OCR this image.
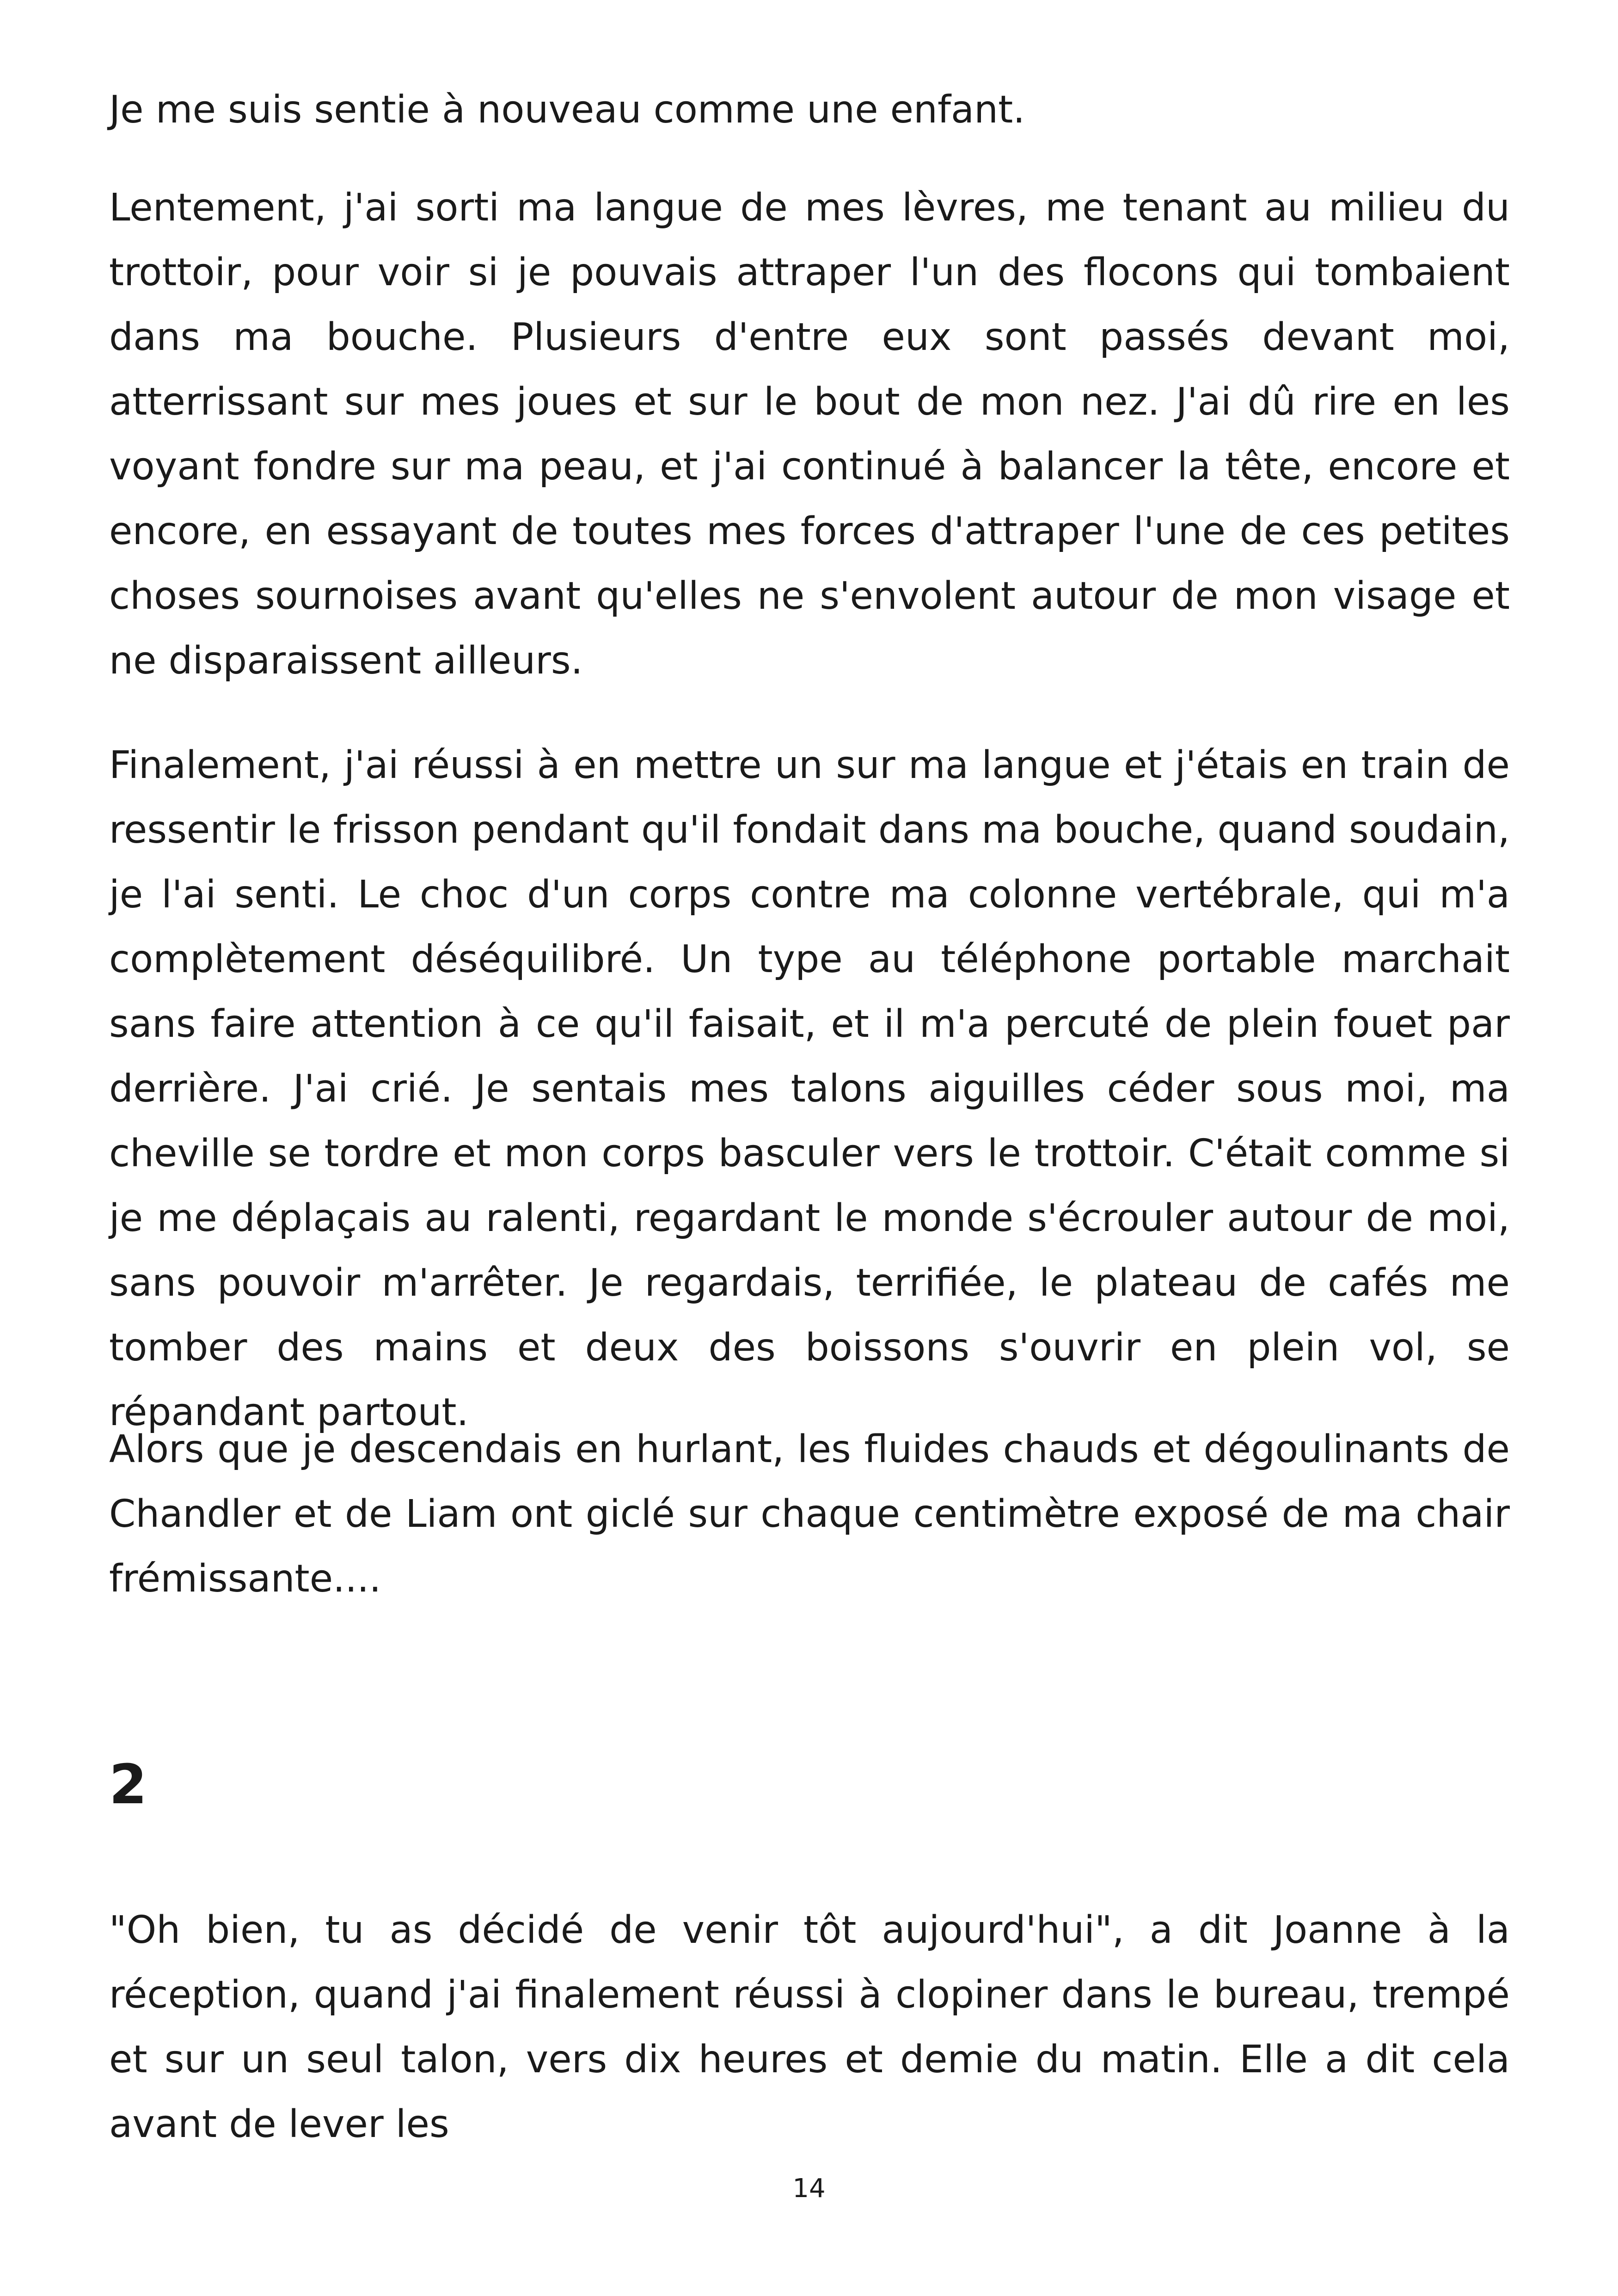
Je me suis sentie à nouveau comme une enfant.

Lentement, j'ai sorti ma langue de mes lèvres, me tenant au milieu du trottoir, pour voir si je pouvais attraper l'un des flocons qui tombaient dans ma bouche. Plusieurs d'entre eux sont passés devant moi, atterrissant sur mes joues et sur le bout de mon nez. J'ai dû rire en les voyant fondre sur ma peau, et j'ai continué à balancer la tête, encore et encore, en essayant de toutes mes forces d'attraper l'une de ces petites choses sournoises avant qu'elles ne s'envolent autour de mon visage et ne disparaissent ailleurs.

Finalement, j'ai réussi à en mettre un sur ma langue et j'étais en train de ressentir le frisson pendant qu'il fondait dans ma bouche, quand soudain, je l'ai senti. Le choc d'un corps contre ma colonne vertébrale, qui m'a complètement déséquilibré. Un type au téléphone portable marchait sans faire attention à ce qu'il faisait, et il m'a percuté de plein fouet par derrière. J'ai crié. Je sentais mes talons aiguilles céder sous moi, ma cheville se tordre et mon corps basculer vers le trottoir. C'était comme si je me déplaçais au ralenti, regardant le monde s'écrouler autour de moi, sans pouvoir m'arrêter. Je regardais, terrifiée, le plateau de cafés me tomber des mains et deux des boissons s'ouvrir en plein vol, se répandant partout.

Alors que je descendais en hurlant, les fluides chauds et dégoulinants de Chandler et de Liam ont giclé sur chaque centimètre exposé de ma chair frémissante....

2

"Oh bien, tu as décidé de venir tôt aujourd'hui", a dit Joanne à la réception, quand j'ai finalement réussi à clopiner dans le bureau, trempé et sur un seul talon, vers dix heures et demie du matin. Elle a dit cela avant de lever les

14
